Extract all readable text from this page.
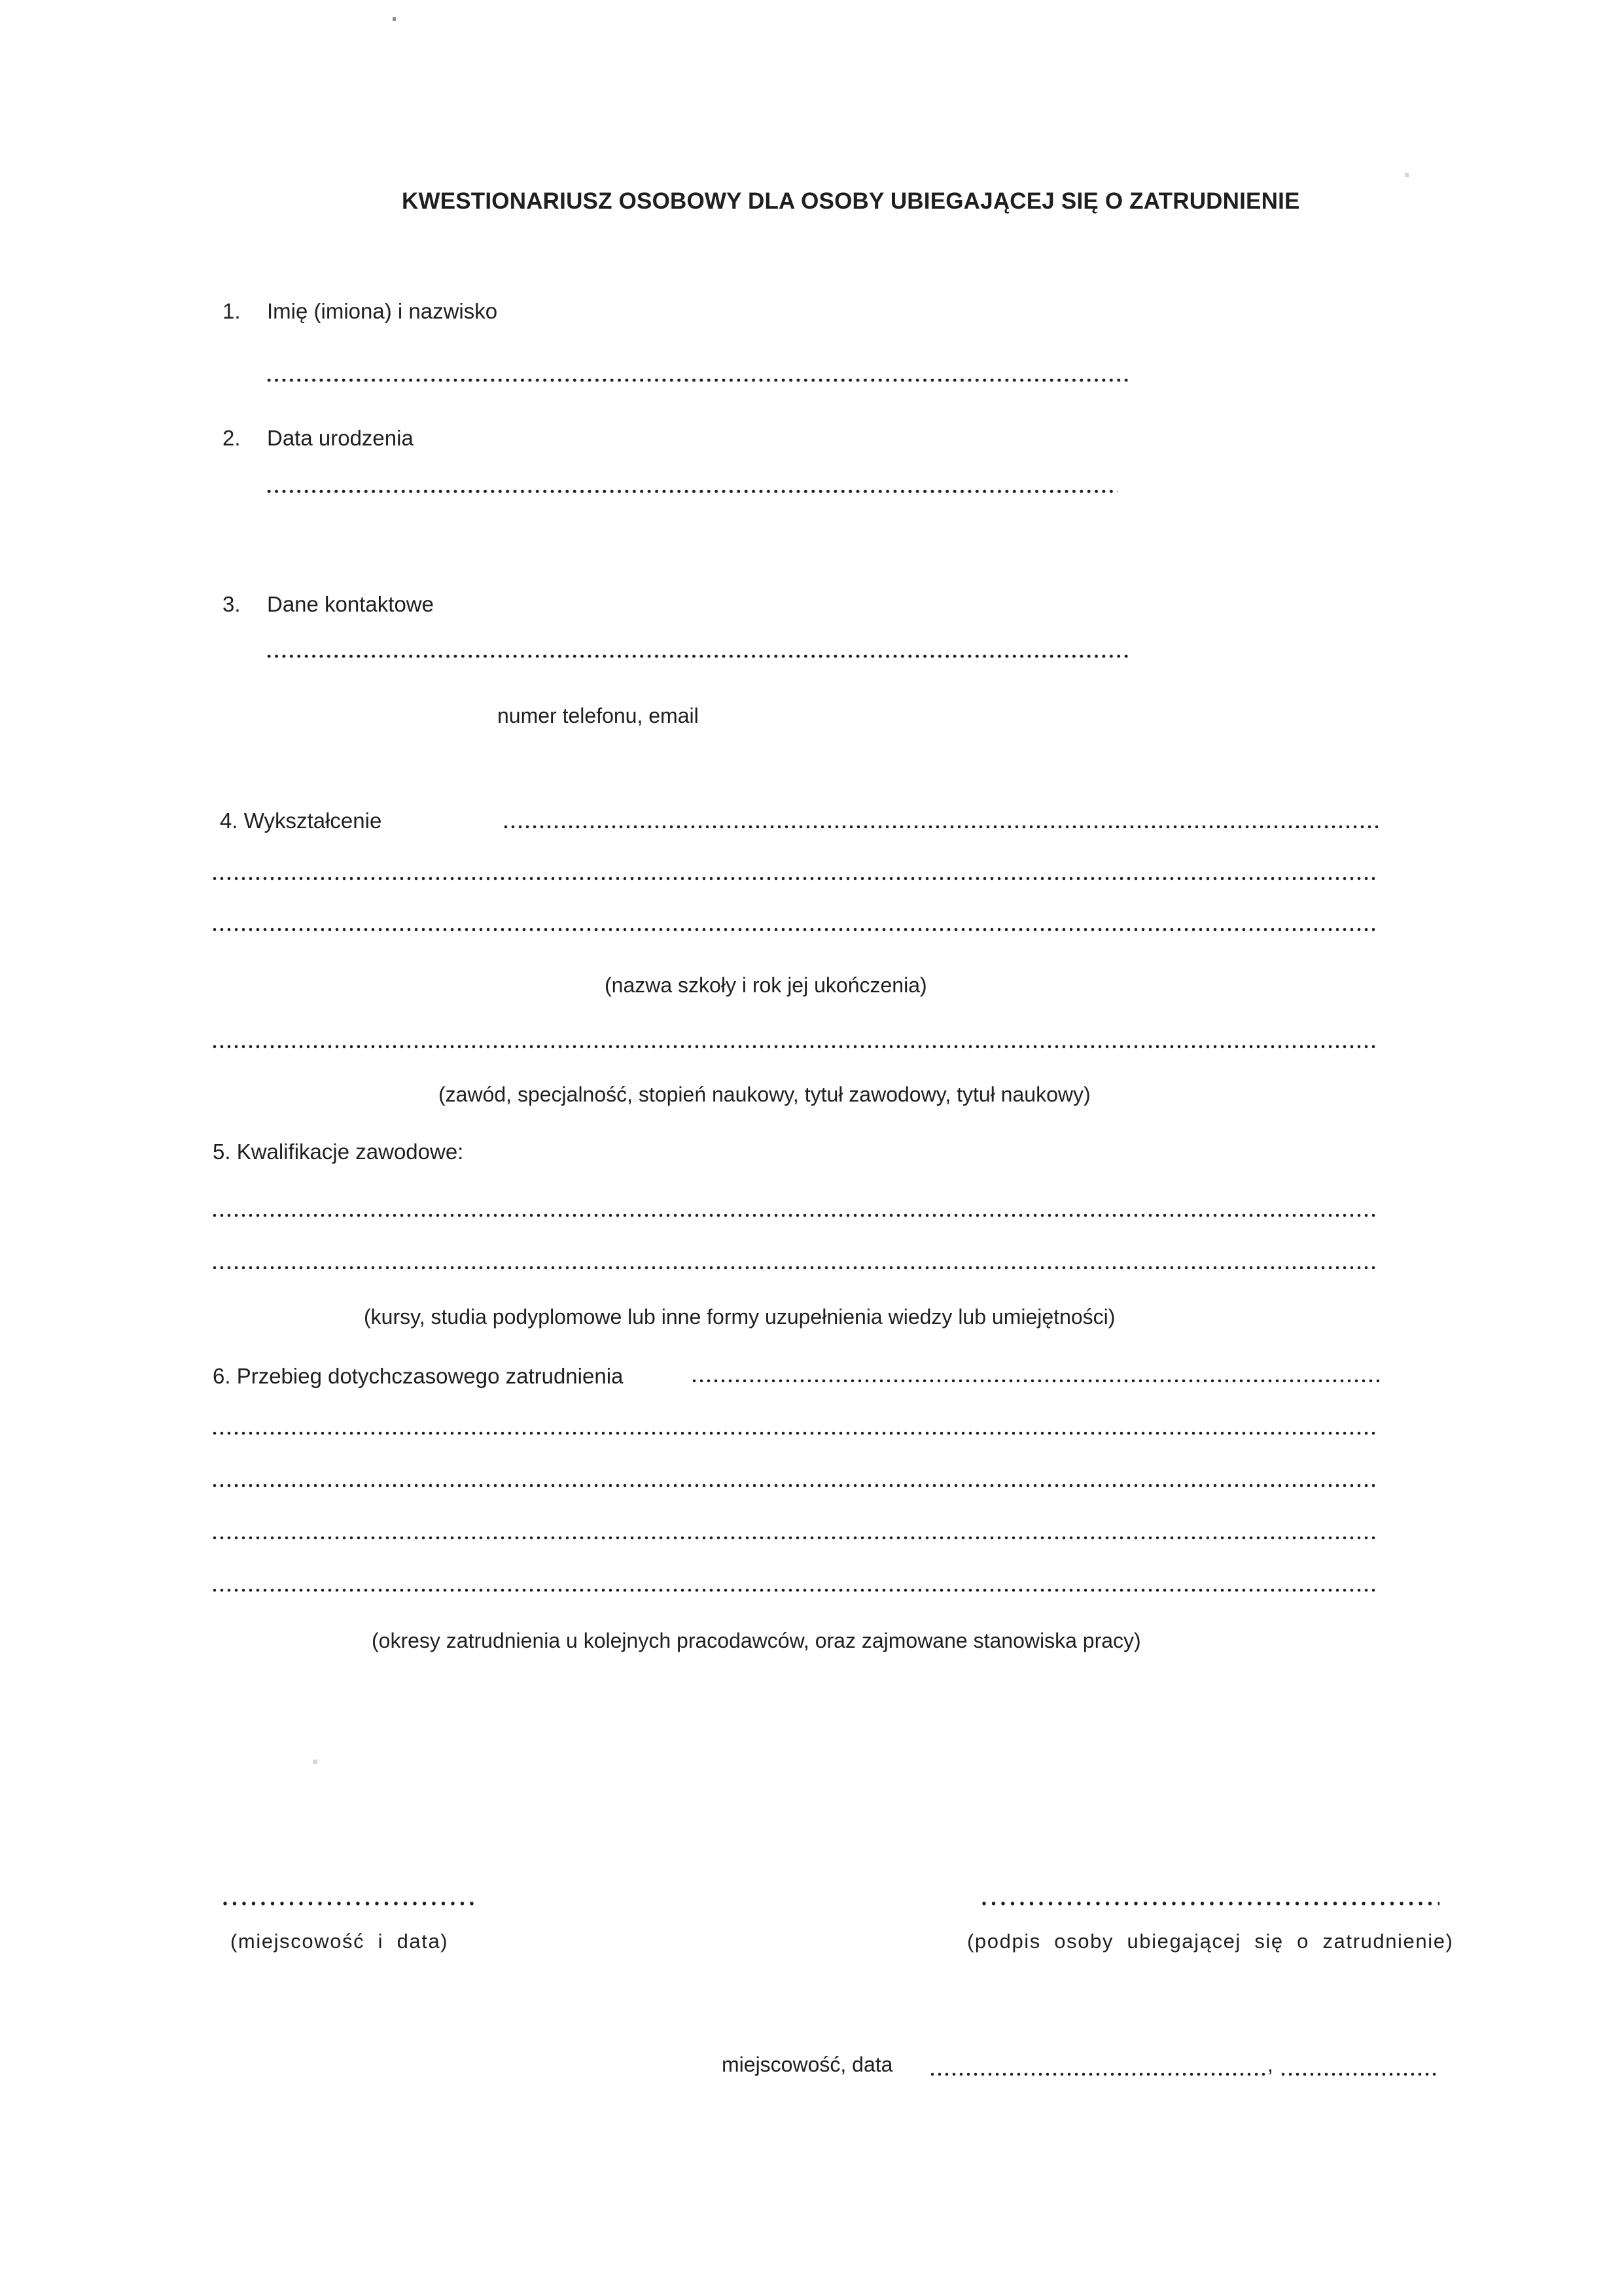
KWESTIONARIUSZ OSOBOWY DLA OSOBY UBIEGAJĄCEJ SIĘ O ZATRUDNIENIE
1. Imię (imiona) i nazwisko
2. Data urodzenia
3. Dane kontaktowe
numer telefonu, email
4. Wykształcenie
(nazwa szkoły i rok jej ukończenia)
(zawód, specjalność, stopień naukowy, tytuł zawodowy, tytuł naukowy)
5. Kwalifikacje zawodowe:
(kursy, studia podyplomowe lub inne formy uzupełnienia wiedzy lub umiejętności)
6. Przebieg dotychczasowego zatrudnienia
(okresy zatrudnienia u kolejnych pracodawców, oraz zajmowane stanowiska pracy)
(miejscowość  i  data)	(podpis  osoby  ubiegającej  się  o  zatrudnienie)
miejscowość, data	,
